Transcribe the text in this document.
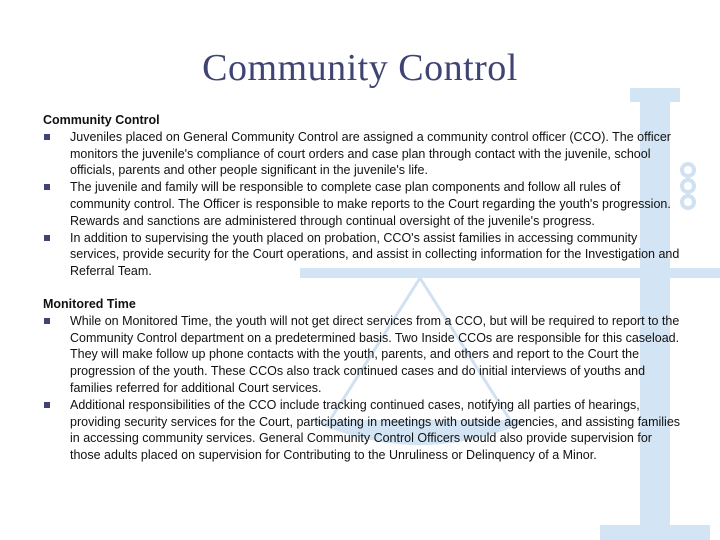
Community Control

Community Control

Juveniles placed on General Community Control are assigned a community control officer (CCO). The officer monitors the juvenile's compliance of court orders and case plan through contact with the juvenile, school officials, parents and other people significant in the juvenile's life.
The juvenile and family will be responsible to complete case plan components and follow all rules of community control. The Officer is responsible to make reports to the Court regarding the youth's progression. Rewards and sanctions are administered through continual oversight of the juvenile's progress.
In addition to supervising the youth placed on probation, CCO's assist families in accessing community services, provide security for the Court operations, and assist in collecting information for the Investigation and Referral Team.

Monitored Time

While on Monitored Time, the youth will not get direct services from a CCO, but will be required to report to the Community Control department on a predetermined basis. Two Inside CCOs are responsible for this caseload. They will make follow up phone contacts with the youth, parents, and others and report to the Court the progression of the youth. These CCOs also track continued cases and do initial interviews of youths and families referred for additional Court services.
Additional responsibilities of the CCO include tracking continued cases, notifying all parties of hearings, providing security services for the Court, participating in meetings with outside agencies, and assisting families in accessing community services. General Community Control Officers would also provide supervision for those adults placed on supervision for Contributing to the Unruliness or Delinquency of a Minor.
